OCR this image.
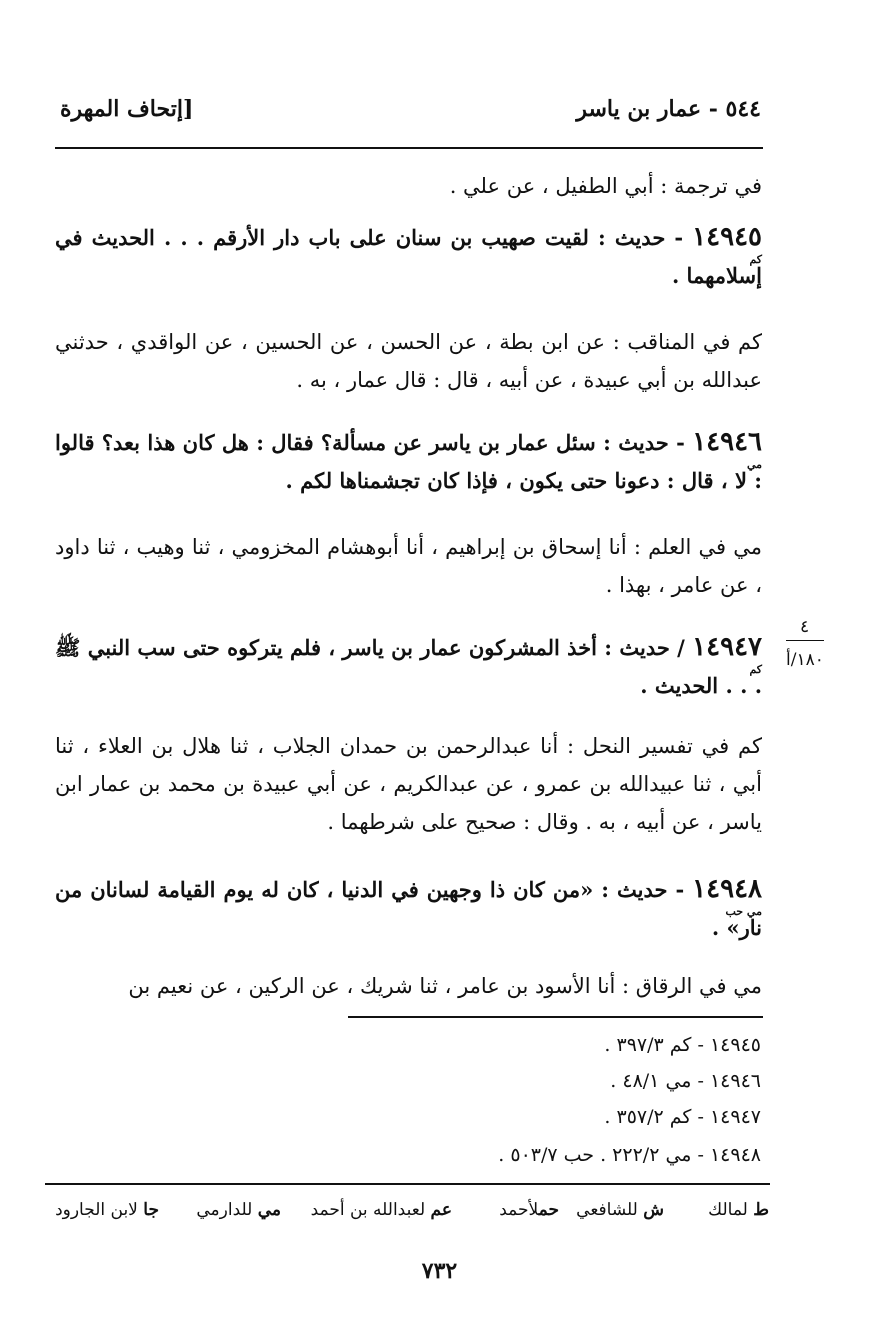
٥٤٤ - عمار بن ياسر
[إتحاف المهرة
في ترجمة : أبي الطفيل ، عن علي .
١٤٩٤٥ - حديث : لقيت صهيب بن سنان على باب دار الأرقم . . . الحديث في إسلامهما .
كم
كم في المناقب : عن ابن بطة ، عن الحسن ، عن الحسين ، عن الواقدي ، حدثني عبدالله بن أبي عبيدة ، عن أبيه ، قال : قال عمار ، به .
١٤٩٤٦ - حديث : سئل عمار بن ياسر عن مسألة؟ فقال : هل كان هذا بعد؟ قالوا : لا ، قال : دعونا حتى يكون ، فإذا كان تجشمناها لكم .
مي
مي في العلم : أنا إسحاق بن إبراهيم ، أنا أبوهشام المخزومي ، ثنا وهيب ، ثنا داود ، عن عامر ، بهذا .
٤
١٨٠/أ
١٤٩٤٧ / حديث : أخذ المشركون عمار بن ياسر ، فلم يتركوه حتى سب النبي ﷺ . . . الحديث .
كم
كم في تفسير النحل : أنا عبدالرحمن بن حمدان الجلاب ، ثنا هلال بن العلاء ، ثنا أبي ، ثنا عبيدالله بن عمرو ، عن عبدالكريم ، عن أبي عبيدة بن محمد بن عمار ابن ياسر ، عن أبيه ، به . وقال : صحيح على شرطهما .
١٤٩٤٨ - حديث : «من كان ذا وجهين في الدنيا ، كان له يوم القيامة لسانان من نار» .
مي حب
مي في الرقاق : أنا الأسود بن عامر ، ثنا شريك ، عن الركين ، عن نعيم بن
١٤٩٤٥ - كم ٣٩٧/٣ .
١٤٩٤٦ - مي ٤٨/١ .
١٤٩٤٧ - كم ٣٥٧/٢ .
١٤٩٤٨ - مي ٢٢٢/٢ . حب ٥٠٣/٧ .
ط لمالك
ش للشافعي
حملأحمد
عم لعبدالله بن أحمد
مي للدارمي
جا لابن الجارود
٧٣٢
